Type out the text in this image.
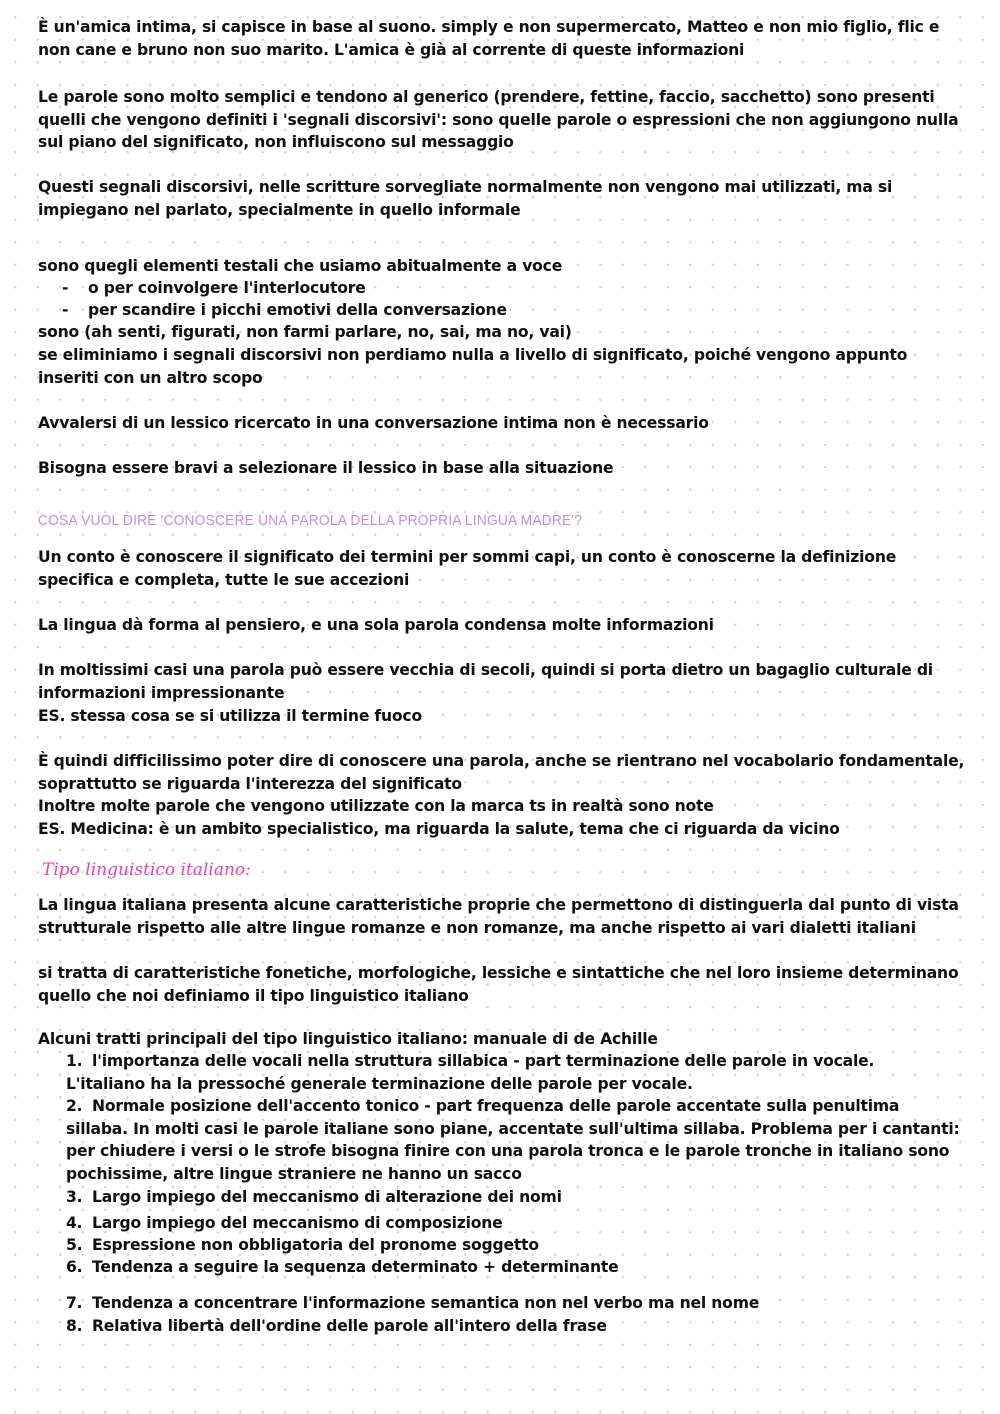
È un'amica intima, si capisce in base al suono. simply e non supermercato, Matteo e non mio figlio, flic e non cane e bruno non suo marito. L'amica è già al corrente di queste informazioni

Le parole sono molto semplici e tendono al generico (prendere, fettine, faccio, sacchetto) sono presenti quelli che vengono definiti i 'segnali discorsivi': sono quelle parole o espressioni che non aggiungono nulla sul piano del significato, non influiscono sul messaggio

Questi segnali discorsivi, nelle scritture sorvegliate normalmente non vengono mai utilizzati, ma si impiegano nel parlato, specialmente in quello informale

sono quegli elementi testali che usiamo abitualmente a voce

- o per coinvolgere l'interlocutore
- per scandire i picchi emotivi della conversazione

sono (ah senti, figurati, non farmi parlare, no, sai, ma no, vai)

se eliminiamo i segnali discorsivi non perdiamo nulla a livello di significato, poiché vengono appunto inseriti con un altro scopo

Avvalersi di un lessico ricercato in una conversazione intima non è necessario

Bisogna essere bravi a selezionare il lessico in base alla situazione

COSA VUOL DIRE 'CONOSCERE UNA PAROLA DELLA PROPRIA LINGUA MADRE'?

Un conto è conoscere il significato dei termini per sommi capi, un conto è conoscerne la definizione specifica e completa, tutte le sue accezioni

La lingua dà forma al pensiero, e una sola parola condensa molte informazioni

In moltissimi casi una parola può essere vecchia di secoli, quindi si porta dietro un bagaglio culturale di informazioni impressionante

ES. stessa cosa se si utilizza il termine fuoco

È quindi difficilissimo poter dire di conoscere una parola, anche se rientrano nel vocabolario fondamentale, soprattutto se riguarda l'interezza del significato

Inoltre molte parole che vengono utilizzate con la marca ts in realtà sono note

ES. Medicina: è un ambito specialistico, ma riguarda la salute, tema che ci riguarda da vicino

Tipo linguistico italiano:

La lingua italiana presenta alcune caratteristiche proprie che permettono di distinguerla dal punto di vista strutturale rispetto alle altre lingue romanze e non romanze, ma anche rispetto ai vari dialetti italiani

si tratta di caratteristiche fonetiche, morfologiche, lessiche e sintattiche che nel loro insieme determinano quello che noi definiamo il tipo linguistico italiano

Alcuni tratti principali del tipo linguistico italiano: manuale di de Achille

1. l'importanza delle vocali nella struttura sillabica - part terminazione delle parole in vocale.
L'italiano ha la pressoché generale terminazione delle parole per vocale.
2. Normale posizione dell'accento tonico - part frequenza delle parole accentate sulla penultima sillaba. In molti casi le parole italiane sono piane, accentate sull'ultima sillaba. Problema per i cantanti: per chiudere i versi o le strofe bisogna finire con una parola tronca e le parole tronche in italiano sono pochissime, altre lingue straniere ne hanno un sacco
3. Largo impiego del meccanismo di alterazione dei nomi
4. Largo impiego del meccanismo di composizione
5. Espressione non obbligatoria del pronome soggetto
6. Tendenza a seguire la sequenza determinato + determinante
7. Tendenza a concentrare l'informazione semantica non nel verbo ma nel nome
8. Relativa libertà dell'ordine delle parole all'intero della frase
